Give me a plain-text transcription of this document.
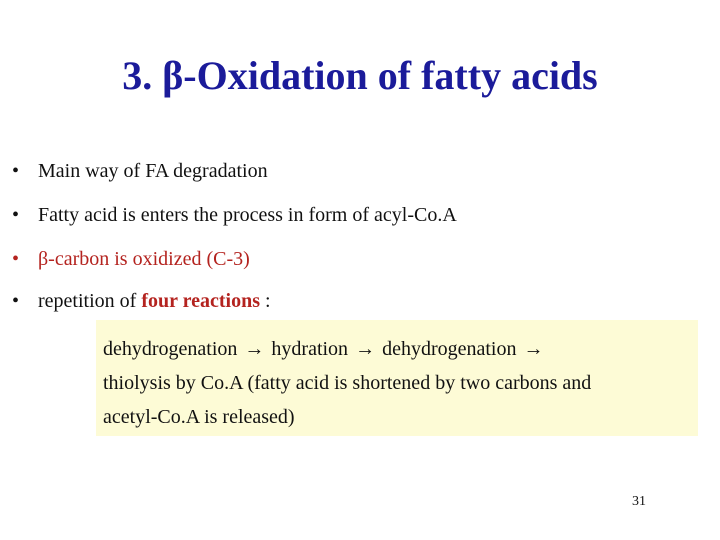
3. β-Oxidation of fatty acids
• Main way of FA degradation
• Fatty acid is enters the process in form of acyl-Co.A
• β-carbon is oxidized (C-3)
• repetition of four reactions :
dehydrogenation → hydration → dehydrogenation →
thiolysis by Co.A (fatty acid is shortened by two carbons and
acetyl-Co.A is released)
31
